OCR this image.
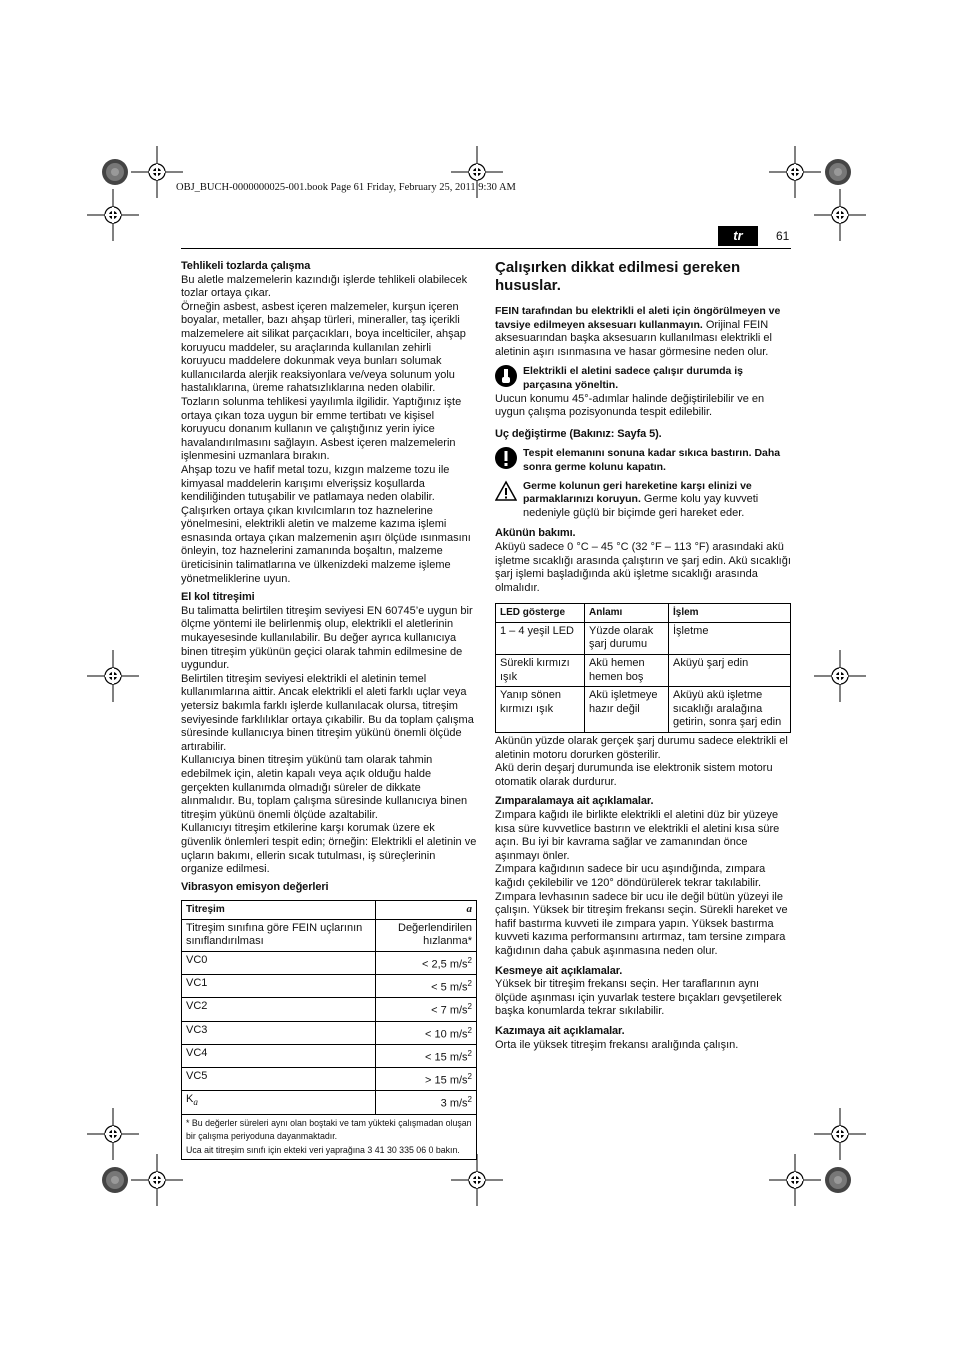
OBJ_BUCH-0000000025-001.book Page 61 Friday, February 25, 2011 9:30 AM
tr	61

Tehlikeli tozlarda çalışma

Bu aletle malzemelerin kazındığı işlerde tehlikeli olabilecek tozlar ortaya çıkar.

Örneğin asbest, asbest içeren malzemeler, kurşun içeren boyalar, metaller, bazı ahşap türleri, mineraller, taş içerikli malzemelere ait silikat parçacıkları, boya incelticiler, ahşap koruyucu maddeler, su araçlarında kullanılan zehirli koruyucu maddelere dokunmak veya bunları solumak kullanıcılarda alerjik reaksiyonlara ve/veya solunum yolu hastalıklarına, üreme rahatsızlıklarına neden olabilir.

Tozların solunma tehlikesi yayılımla ilgilidir. Yaptığınız işte ortaya çıkan toza uygun bir emme tertibatı ve kişisel koruyucu donanım kullanın ve çalıştığınız yerin iyice havalandırılmasını sağlayın. Asbest içeren malzemelerin işlenmesini uzmanlara bırakın.

Ahşap tozu ve hafif metal tozu, kızgın malzeme tozu ile kimyasal maddelerin karışımı elverişsiz koşullarda kendiliğinden tutuşabilir ve patlamaya neden olabilir. Çalışırken ortaya çıkan kıvılcımların toz haznelerine yönelmesini, elektrikli aletin ve malzeme kazıma işlemi esnasında ortaya çıkan malzemenin aşırı ölçüde ısınmasını önleyin, toz haznelerini zamanında boşaltın, malzeme üreticisinin talimatlarına ve ülkenizdeki malzeme işleme yönetmeliklerine uyun.

El kol titreşimi

Bu talimatta belirtilen titreşim seviyesi EN 60745’e uygun bir ölçme yöntemi ile belirlenmiş olup, elektrikli el aletlerinin mukayesesinde kullanılabilir. Bu değer ayrıca kullanıcıya binen titreşim yükünün geçici olarak tahmin edilmesine de uygundur.

Belirtilen titreşim seviyesi elektrikli el aletinin temel kullanımlarına aittir. Ancak elektrikli el aleti farklı uçlar veya yetersiz bakımla farklı işlerde kullanılacak olursa, titreşim seviyesinde farklılıklar ortaya çıkabilir. Bu da toplam çalışma süresinde kullanıcıya binen titreşim yükünü önemli ölçüde artırabilir.

Kullanıcıya binen titreşim yükünü tam olarak tahmin edebilmek için, aletin kapalı veya açık olduğu halde gerçekten kullanımda olmadığı süreler de dikkate alınmalıdır. Bu, toplam çalışma süresinde kullanıcıya binen titreşim yükünü önemli ölçüde azaltabilir.

Kullanıcıyı titreşim etkilerine karşı korumak üzere ek güvenlik önlemleri tespit edin; örneğin: Elektrikli el aletinin ve uçların bakımı, ellerin sıcak tutulması, iş süreçlerinin organize edilmesi.

Vibrasyon emisyon değerleri

Titreşim	a
Titreşim sınıfına göre FEIN uçlarının sınıflandırılması	Değerlendirilen hızlanma*
VC0	< 2,5 $m/s^2$
VC1	< 5 $m/s^2$
VC2	< 7 $m/s^2$
VC3	< 10 $m/s^2$
VC4	< 15 $m/s^2$
VC5	> 15 $m/s^2$
$K_a$	3 $m/s^2$

* Bu değerler süreleri aynı olan boştaki ve tam yükteki çalışmadan oluşan bir çalışma periyoduna dayanmaktadır.
Uca ait titreşim sınıfı için ekteki veri yaprağına 3 41 30 335 06 0 bakın.	

Çalışırken dikkat edilmesi gereken hususlar.

FEIN tarafından bu elektrikli el aleti için öngörülmeyen ve tavsiye edilmeyen aksesuarı kullanmayın. Orijinal FEIN aksesuarından başka aksesuarın kullanılması elektrikli el aletinin aşırı ısınmasına ve hasar görmesine neden olur.

Elektrikli el aletini sadece çalışır durumda iş parçasına yöneltin.

Uucun konumu 45°-adımlar halinde değiştirilebilir ve en uygun çalışma pozisyonunda tespit edilebilir.

Uç değiştirme (Bakınız: Sayfa 5).

Tespit elemanını sonuna kadar sıkıca bastırın. Daha sonra germe kolunu kapatın.

Germe kolunun geri hareketine karşı elinizi ve parmaklarınızı koruyun. Germe kolu yay kuvveti nedeniyle güçlü bir biçimde geri hareket eder.

Akünün bakımı.

Aküyü sadece 0 °C – 45 °C (32 °F – 113 °F) arasındaki akü işletme sıcaklığı arasında çalıştırın ve şarj edin. Akü sıcaklığı şarj işlemi başladığında akü işletme sıcaklığı arasında olmalıdır.

LED gösterge	Anlamı	İşlem
1 – 4 yeşil LED	Yüzde olarak şarj durumu	İşletme
Sürekli kırmızı ışık	Akü hemen hemen boş	Aküyü şarj edin
Yanıp sönen kırmızı ışık	Akü işletmeye hazır değil	Aküyü akü işletme sıcaklığı aralağına getirin, sonra şarj edin

Akünün yüzde olarak gerçek şarj durumu sadece elektrikli el aletinin motoru dorurken gösterilir.

Akü derin deşarj durumunda ise elektronik sistem motoru otomatik olarak durdurur.

Zımparalamaya ait açıklamalar.

Zımpara kağıdı ile birlikte elektrikli el aletini düz bir yüzeye kısa süre kuvvetlice bastırın ve elektrikli el aletini kısa süre açın. Bu iyi bir kavrama sağlar ve zamanından önce aşınmayı önler.

Zımpara kağıdının sadece bir ucu aşındığında, zımpara kağıdı çekilebilir ve 120° döndürülerek tekrar takılabilir.

Zımpara levhasının sadece bir ucu ile değil bütün yüzeyi ile çalışın. Yüksek bir titreşim frekansı seçin. Sürekli hareket ve hafif bastırma kuvveti ile zımpara yapın. Yüksek bastırma kuvveti kazıma performansını artırmaz, tam tersine zımpara kağıdının daha çabuk aşınmasına neden olur.

Kesmeye ait açıklamalar.

Yüksek bir titreşim frekansı seçin. Her taraflarının aynı ölçüde aşınması için yuvarlak testere bıçakları gevşetilerek başka konumlarda tekrar sıkılabilir.

Kazımaya ait açıklamalar.

Orta ile yüksek titreşim frekansı aralığında çalışın.
